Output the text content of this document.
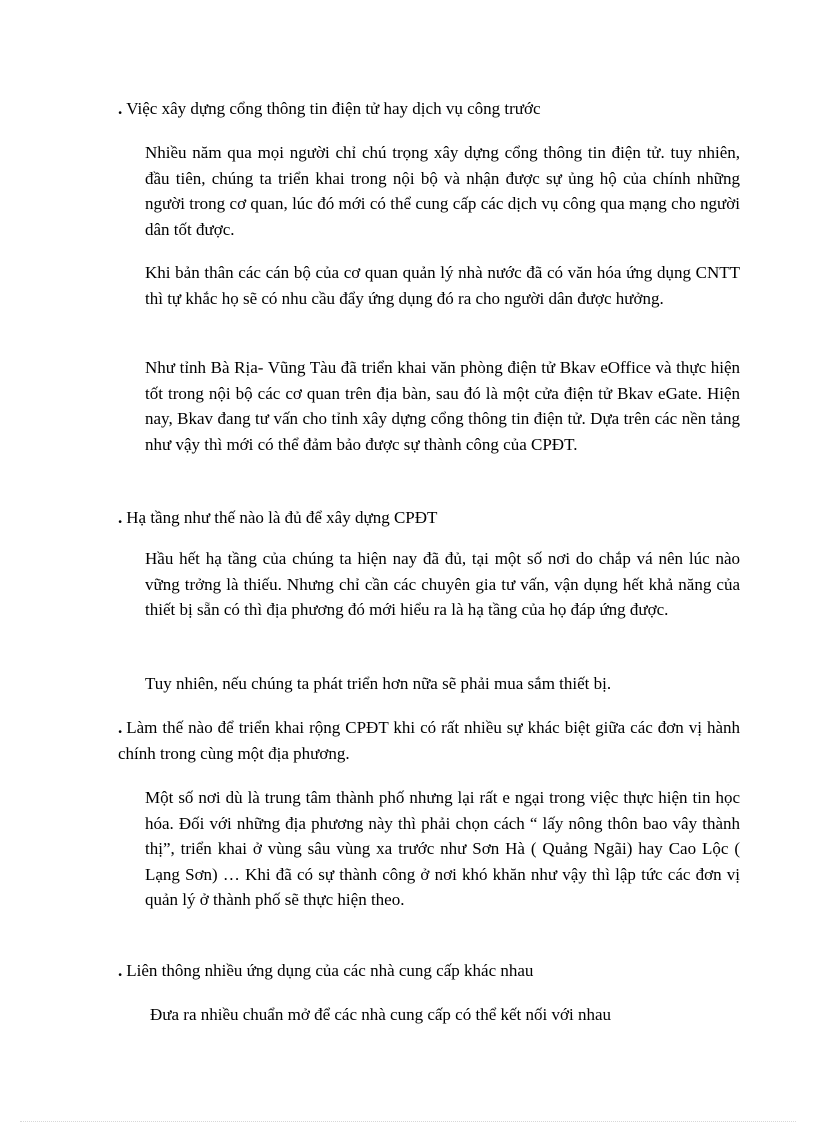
. Việc xây dựng cổng thông tin điện tử hay dịch vụ công trước

Nhiều năm qua mọi người chỉ chú trọng xây dựng cổng thông tin điện tử. tuy nhiên, đầu tiên, chúng ta triển khai trong nội bộ và nhận được sự ủng hộ của chính những người trong cơ quan, lúc đó mới có thể cung cấp các dịch vụ công qua mạng cho người dân tốt được.

Khi bản thân các cán bộ của cơ quan quản lý nhà nước đã có văn hóa ứng dụng CNTT thì tự khắc họ sẽ có nhu cầu đẩy ứng dụng đó ra cho người dân được hưởng.

Như tỉnh Bà Rịa- Vũng Tàu đã triển khai văn phòng điện tử Bkav eOffice và thực hiện tốt trong nội bộ các cơ quan trên địa bàn, sau đó là một cửa điện tử Bkav eGate. Hiện nay, Bkav đang tư vấn cho tỉnh xây dựng cổng thông tin điện tử. Dựa trên các nền tảng như vậy thì mới có thể đảm bảo được sự thành công của CPĐT.

. Hạ tầng như thế nào là đủ để xây dựng CPĐT

Hầu hết hạ tầng của chúng ta hiện nay đã đủ, tại một số nơi do chắp vá nên lúc nào vững trởng là thiếu. Nhưng chỉ cần các chuyên gia tư vấn, vận dụng hết khả năng của thiết bị sẵn có thì địa phương đó mới hiểu ra là hạ tầng của họ đáp ứng được.

Tuy nhiên, nếu chúng ta phát triển hơn nữa sẽ phải mua sắm thiết bị.

. Làm thế nào để triển khai rộng CPĐT khi có rất nhiều sự khác biệt giữa các đơn vị hành chính trong cùng một địa phương.

Một số nơi dù là trung tâm thành phố nhưng lại rất e ngại trong việc thực hiện tin học hóa. Đối với những địa phương này thì phải chọn cách “ lấy nông thôn bao vây thành thị”, triển khai ở vùng sâu vùng xa trước như Sơn Hà ( Quảng Ngãi) hay Cao Lộc ( Lạng Sơn) … Khi đã có sự thành công ở nơi khó khăn như vậy thì lập tức các đơn vị quản lý ở thành phố sẽ thực hiện theo.

. Liên thông nhiều ứng dụng của các nhà cung cấp khác nhau

Đưa ra nhiều chuẩn mở để các nhà cung cấp có thể kết nối với nhau
